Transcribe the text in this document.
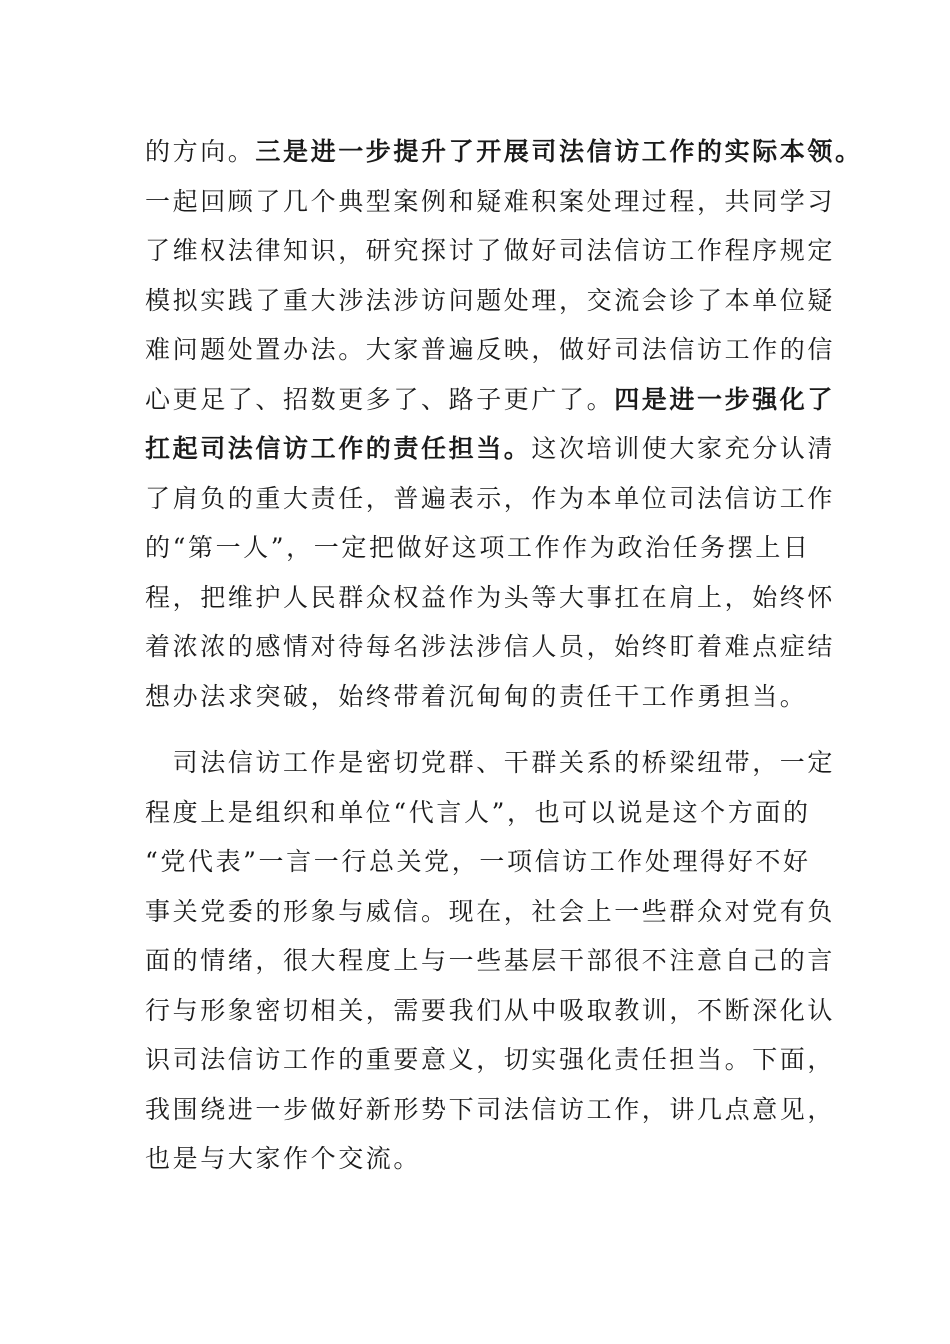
的方向。三是进一步提升了开展司法信访工作的实际本领。
一起回顾了几个典型案例和疑难积案处理过程，共同学习
了维权法律知识，研究探讨了做好司法信访工作程序规定
模拟实践了重大涉法涉访问题处理，交流会诊了本单位疑
难问题处置办法。大家普遍反映，做好司法信访工作的信
心更足了、招数更多了、路子更广了。四是进一步强化了
扛起司法信访工作的责任担当。这次培训使大家充分认清
了肩负的重大责任，普遍表示，作为本单位司法信访工作
的“第一人”，一定把做好这项工作作为政治任务摆上日
程，把维护人民群众权益作为头等大事扛在肩上，始终怀
着浓浓的感情对待每名涉法涉信人员，始终盯着难点症结
想办法求突破，始终带着沉甸甸的责任干工作勇担当。
　司法信访工作是密切党群、干群关系的桥梁纽带，一定
程度上是组织和单位“代言人”，也可以说是这个方面的
“党代表”一言一行总关党，一项信访工作处理得好不好
事关党委的形象与威信。现在，社会上一些群众对党有负
面的情绪，很大程度上与一些基层干部很不注意自己的言
行与形象密切相关，需要我们从中吸取教训，不断深化认
识司法信访工作的重要意义，切实强化责任担当。下面，
我围绕进一步做好新形势下司法信访工作，讲几点意见，
也是与大家作个交流。
